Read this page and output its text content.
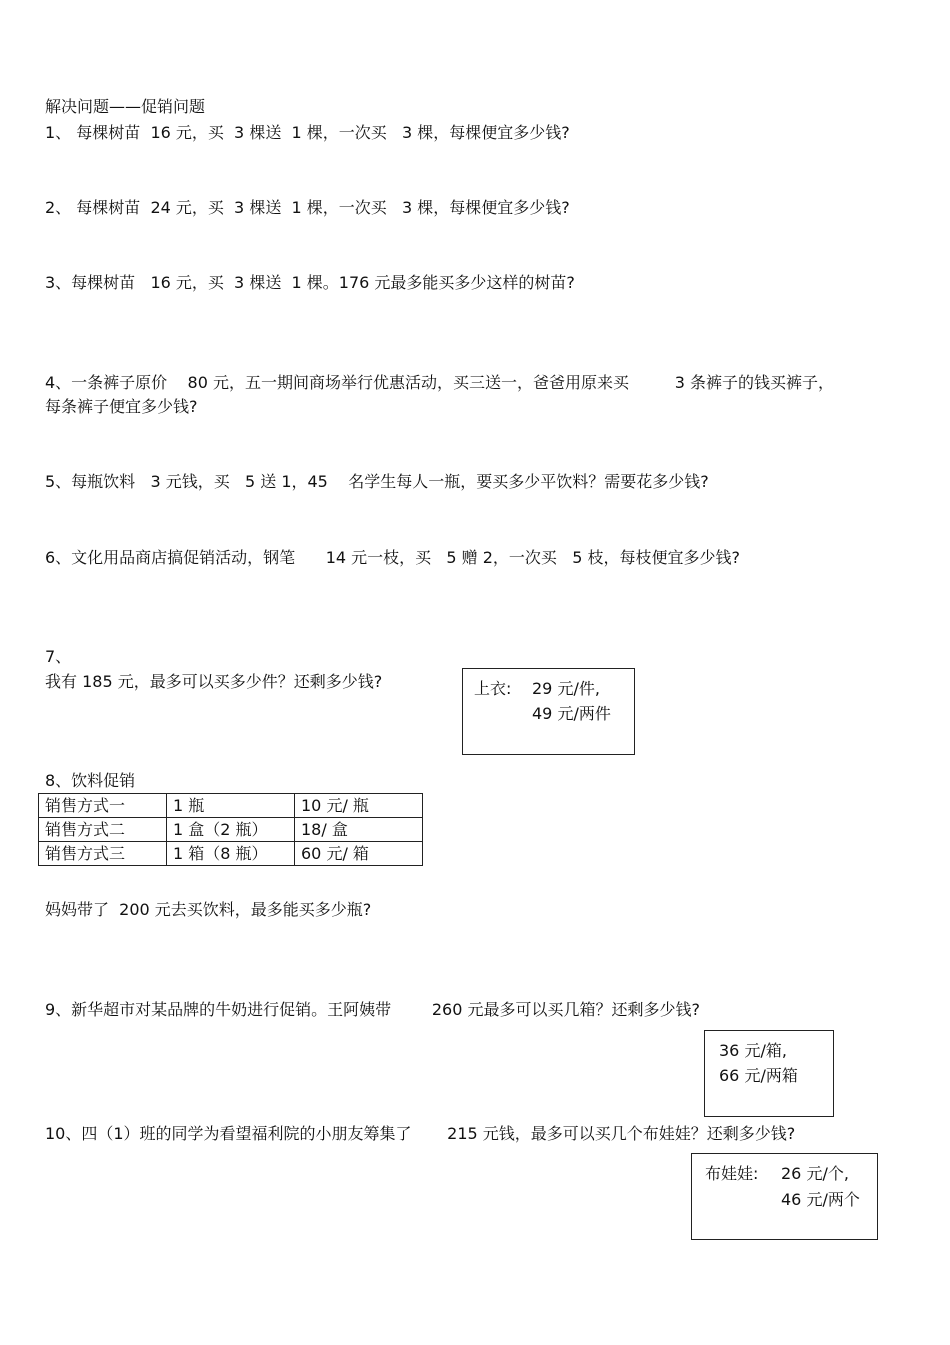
解决问题——促销问题
1、 每棵树苗  16 元，买  3 棵送  1 棵，一次买   3 棵，每棵便宜多少钱?
2、 每棵树苗  24 元，买  3 棵送  1 棵，一次买   3 棵，每棵便宜多少钱?
3、每棵树苗   16 元，买  3 棵送  1 棵。176 元最多能买多少这样的树苗?
4、一条裤子原价    80 元，五一期间商场举行优惠活动，买三送一，爸爸用原来买         3 条裤子的钱买裤子，
每条裤子便宜多少钱?
5、每瓶饮料   3 元钱，买   5 送 1，45    名学生每人一瓶，要买多少平饮料？需要花多少钱?
6、文化用品商店搞促销活动，钢笔      14 元一枝，买   5 赠 2，一次买   5 枝，每枝便宜多少钱?
7、
我有 185 元，最多可以买多少件？还剩多少钱?	上衣: 29 元/件,
49 元/两件
8、饮料促销
销售方式一	1 瓶	10 元/ 瓶
销售方式二	1 盒（2 瓶）	18/ 盒
销售方式三	1 箱（8 瓶）	60 元/ 箱
妈妈带了  200 元去买饮料，最多能买多少瓶?
9、新华超市对某品牌的牛奶进行促销。王阿姨带        260 元最多可以买几箱？还剩多少钱?
36 元/箱,
66 元/两箱
10、四（1）班的同学为看望福利院的小朋友筹集了       215 元钱，最多可以买几个布娃娃？还剩多少钱?
布娃娃: 26 元/个,
46 元/两个
